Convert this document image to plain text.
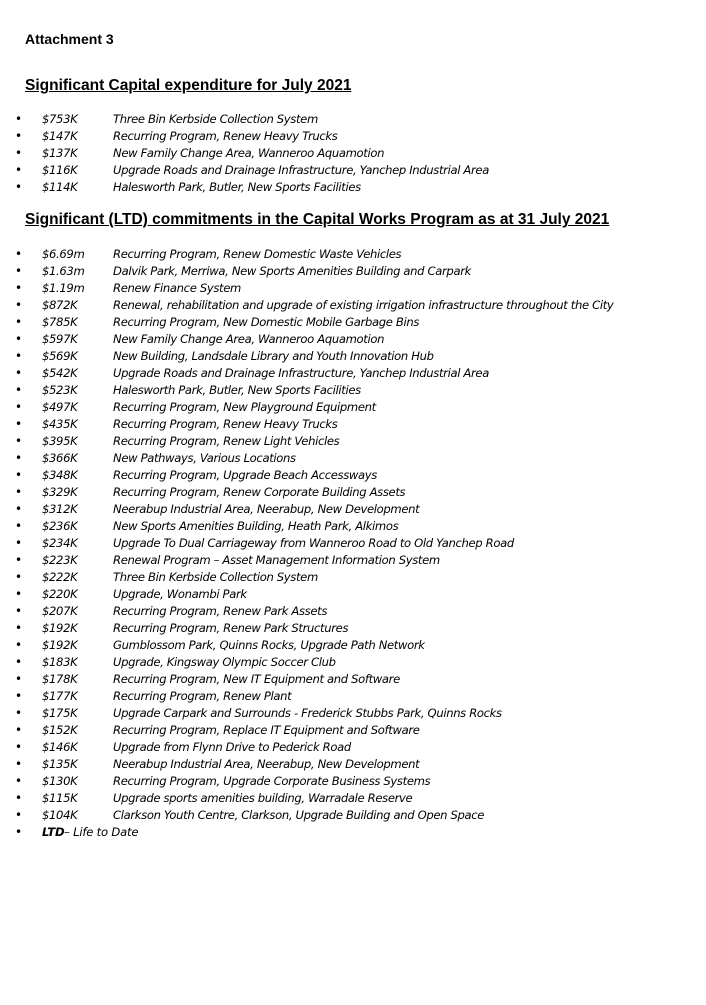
Attachment 3
Significant Capital expenditure for July 2021
• $753K	Three Bin Kerbside Collection System
• $147K	Recurring Program, Renew Heavy Trucks
• $137K	New Family Change Area, Wanneroo Aquamotion
• $116K	Upgrade Roads and Drainage Infrastructure, Yanchep Industrial Area
• $114K	Halesworth Park, Butler, New Sports Facilities
Significant (LTD) commitments in the Capital Works Program as at 31 July 2021
• $6.69m Recurring Program, Renew Domestic Waste Vehicles
• $1.63m Dalvik Park, Merriwa, New Sports Amenities Building and Carpark
• $1.19m Renew Finance System
• $872K	Renewal, rehabilitation and upgrade of existing irrigation infrastructure throughout the City
• $785K	Recurring Program, New Domestic Mobile Garbage Bins
• $597K	New Family Change Area, Wanneroo Aquamotion
• $569K	New Building, Landsdale Library and Youth Innovation Hub
• $542K	Upgrade Roads and Drainage Infrastructure, Yanchep Industrial Area
• $523K	Halesworth Park, Butler, New Sports Facilities
• $497K	Recurring Program, New Playground Equipment
• $435K	Recurring Program, Renew Heavy Trucks
• $395K	Recurring Program, Renew Light Vehicles
• $366K	New Pathways, Various Locations
• $348K	Recurring Program, Upgrade Beach Accessways
• $329K	Recurring Program, Renew Corporate Building Assets
• $312K	Neerabup Industrial Area, Neerabup, New Development
• $236K	New Sports Amenities Building, Heath Park, Alkimos
• $234K	Upgrade To Dual Carriageway from Wanneroo Road to Old Yanchep Road
• $223K	Renewal Program – Asset Management Information System
• $222K	Three Bin Kerbside Collection System
• $220K	Upgrade, Wonambi Park
• $207K	Recurring Program, Renew Park Assets
• $192K	Recurring Program, Renew Park Structures
• $192K	Gumblossom Park, Quinns Rocks, Upgrade Path Network
• $183K	Upgrade, Kingsway Olympic Soccer Club
• $178K	Recurring Program, New IT Equipment and Software
• $177K	Recurring Program, Renew Plant
• $175K	Upgrade Carpark and Surrounds - Frederick Stubbs Park, Quinns Rocks
• $152K	Recurring Program, Replace IT Equipment and Software
• $146K	Upgrade from Flynn Drive to Pederick Road
• $135K	Neerabup Industrial Area, Neerabup, New Development
• $130K	Recurring Program, Upgrade Corporate Business Systems
• $115K	Upgrade sports amenities building, Warradale Reserve
• $104K	Clarkson Youth Centre, Clarkson, Upgrade Building and Open Space
• LTD – Life to Date
